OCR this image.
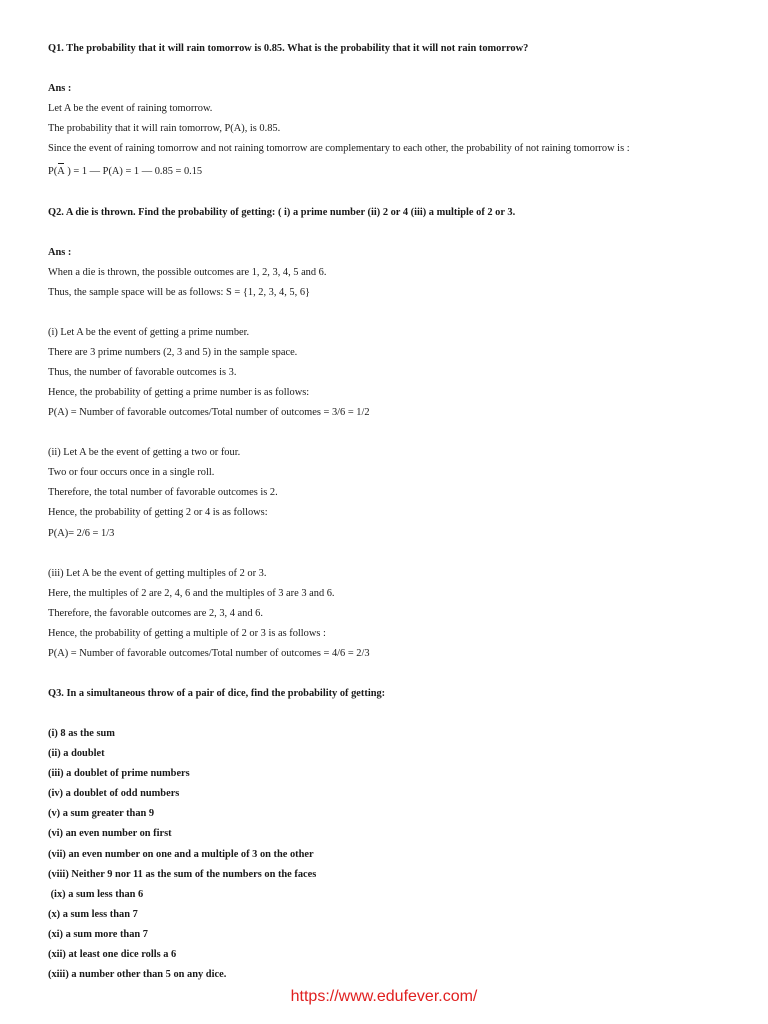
Q1. The probability that it will rain tomorrow is 0.85. What is the probability that it will not rain tomorrow?

Ans :

Let A be the event of raining tomorrow.

The probability that it will rain tomorrow, P(A), is 0.85.

Since the event of raining tomorrow and not raining tomorrow are complementary to each other, the probability of not raining tomorrow is :

P(A ) = 1 — P(A) = 1 — 0.85 = 0.15

Q2. A die is thrown. Find the probability of getting: ( i) a prime number (ii) 2 or 4 (iii) a multiple of 2 or 3.

Ans :

When a die is thrown, the possible outcomes are 1, 2, 3, 4, 5 and 6.

Thus, the sample space will be as follows: S = {1, 2, 3, 4, 5, 6}

(i) Let A be the event of getting a prime number.

There are 3 prime numbers (2, 3 and 5) in the sample space.

Thus, the number of favorable outcomes is 3.

Hence, the probability of getting a prime number is as follows:

P(A) = Number of favorable outcomes/Total number of outcomes = 3/6 = 1/2

(ii) Let A be the event of getting a two or four.

Two or four occurs once in a single roll.

Therefore, the total number of favorable outcomes is 2.

Hence, the probability of getting 2 or 4 is as follows:

P(A)= 2/6 = 1/3

(iii) Let A be the event of getting multiples of 2 or 3.

Here, the multiples of 2 are 2, 4, 6 and the multiples of 3 are 3 and 6.

Therefore, the favorable outcomes are 2, 3, 4 and 6.

Hence, the probability of getting a multiple of 2 or 3 is as follows :

P(A) = Number of favorable outcomes/Total number of outcomes = 4/6 = 2/3

Q3. In a simultaneous throw of a pair of dice, find the probability of getting:

(i) 8 as the sum

(ii) a doublet

(iii) a doublet of prime numbers

(iv) a doublet of odd numbers

(v) a sum greater than 9

(vi) an even number on first

(vii) an even number on one and a multiple of 3 on the other

(viii) Neither 9 nor 11 as the sum of the numbers on the faces

(ix) a sum less than 6

(x) a sum less than 7

(xi) a sum more than 7

(xii) at least one dice rolls a 6

(xiii) a number other than 5 on any dice.

https://www.edufever.com/
